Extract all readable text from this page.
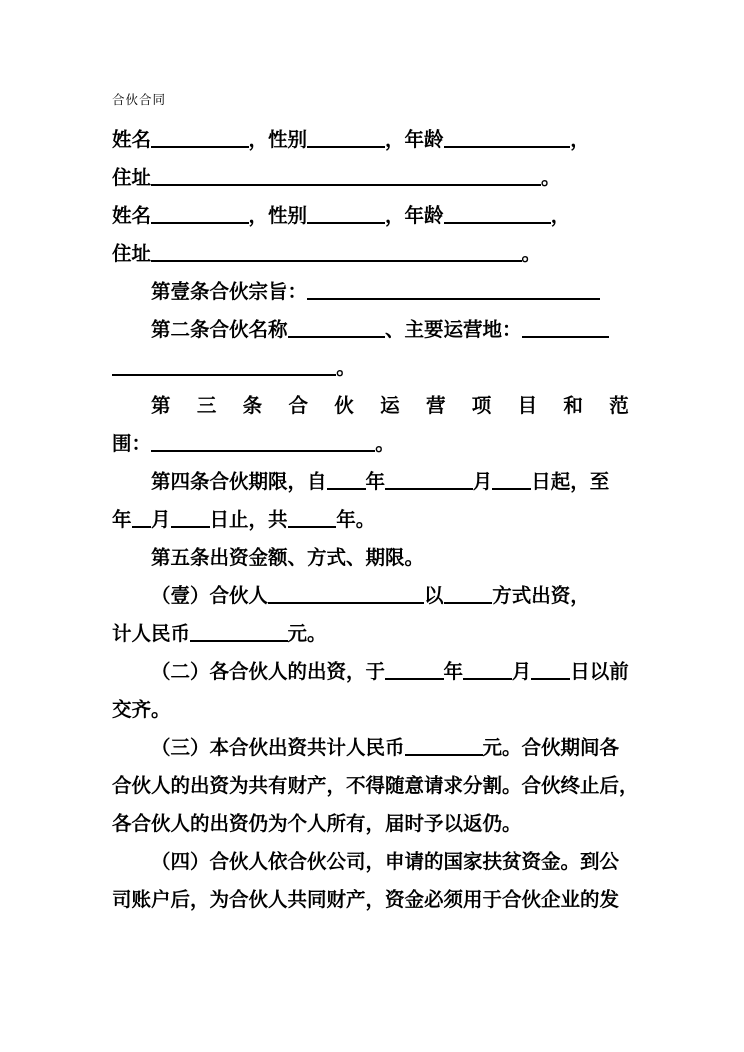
合伙合同
姓名	，性别	，年龄	，
住址	。
姓名	，性别	，年龄	，
住址	。
第壹条合伙宗旨：
第二条合伙名称	、主要运营地：
。
第三条合伙运营项目和范
围：	。
第四条合伙期限，自 年	月 日起，至
年 月 日止，共	年。
第五条出资金额、方式、期限。
（壹）合伙人	以	方式出资，
计人民币	元。
（二）各合伙人的出资，于	年	月 日以前
交齐。
（三）本合伙出资共计人民币	元。合伙期间各
合伙人的出资为共有财产，不得随意请求分割。合伙终止后，
各合伙人的出资仍为个人所有，届时予以返仍。
（四）合伙人依合伙公司，申请的国家扶贫资金。到公
司账户后，为合伙人共同财产，资金必须用于合伙企业的发
